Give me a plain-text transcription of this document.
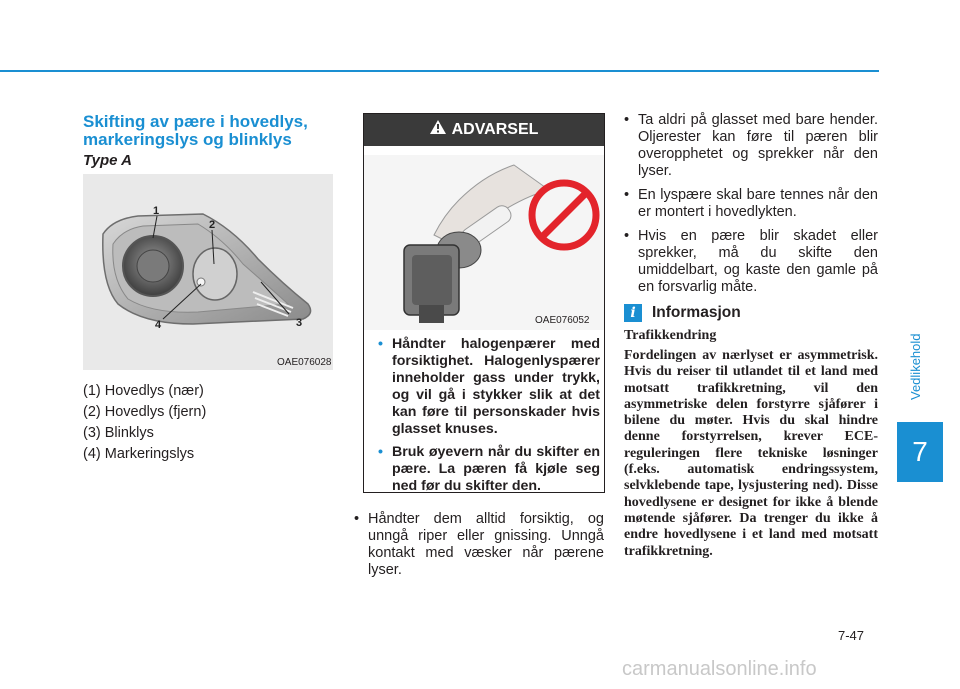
Skifting av pære i hovedlys, markeringslys og blinklys
Type A
1
2
3
4
OAE076028
(1) Hovedlys (nær)
(2) Hovedlys (fjern)
(3) Blinklys
(4) Markeringslys
ADVARSEL
OAE076052
• Håndter halogenpærer med forsiktighet. Halogenlyspærer inneholder gass under trykk, og vil gå i stykker slik at det kan føre til personskader hvis glasset knuses.
• Bruk øyevern når du skifter en pære. La pæren få kjøle seg ned før du skifter den.
• Håndter dem alltid forsiktig, og unngå riper eller gnissing. Unngå kontakt med væsker når pærene lyser.
• Ta aldri på glasset med bare hender. Oljerester kan føre til pæren blir overopphetet og sprekker når den lyser.
• En lyspære skal bare tennes når den er montert i hovedlykten.
• Hvis en pære blir skadet eller sprekker, må du skifte den umiddelbart, og kaste den gamle på en forsvarlig måte.
i	Informasjon
Trafikkendring
Fordelingen av nærlyset er asymmetrisk. Hvis du reiser til utlandet til et land med motsatt trafikkretning, vil den asymmetriske delen forstyrre sjåfører i bilene du møter. Hvis du skal hindre denne forstyrrelsen, krever ECE-reguleringen flere tekniske løsninger (f.eks. automatisk endringssystem, selvklebende tape, lysjustering ned). Disse hovedlysene er designet for ikke å blende møtende sjåfører. Da trenger du ikke å endre hovedlysene i et land med motsatt trafikkretning.
Vedlikehold
7
7-47
carmanualsonline.info
